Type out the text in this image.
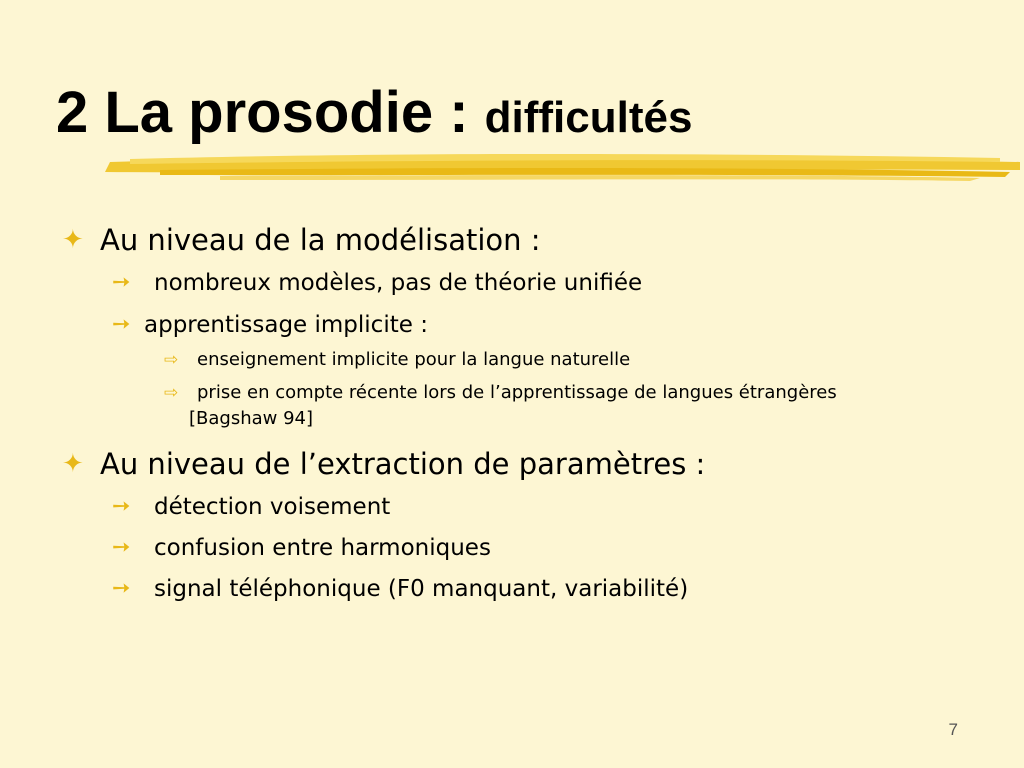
2 La prosodie : difficultés
✦ Au niveau de la modélisation :
➙ nombreux modèles, pas de théorie unifiée
➙ apprentissage implicite :
⇨ enseignement implicite pour la langue naturelle
⇨ prise en compte récente lors de l’apprentissage de langues étrangères
[Bagshaw 94]
✦ Au niveau de l’extraction de paramètres :
➙ détection voisement
➙ confusion entre harmoniques
➙ signal téléphonique (F0 manquant, variabilité)
7
